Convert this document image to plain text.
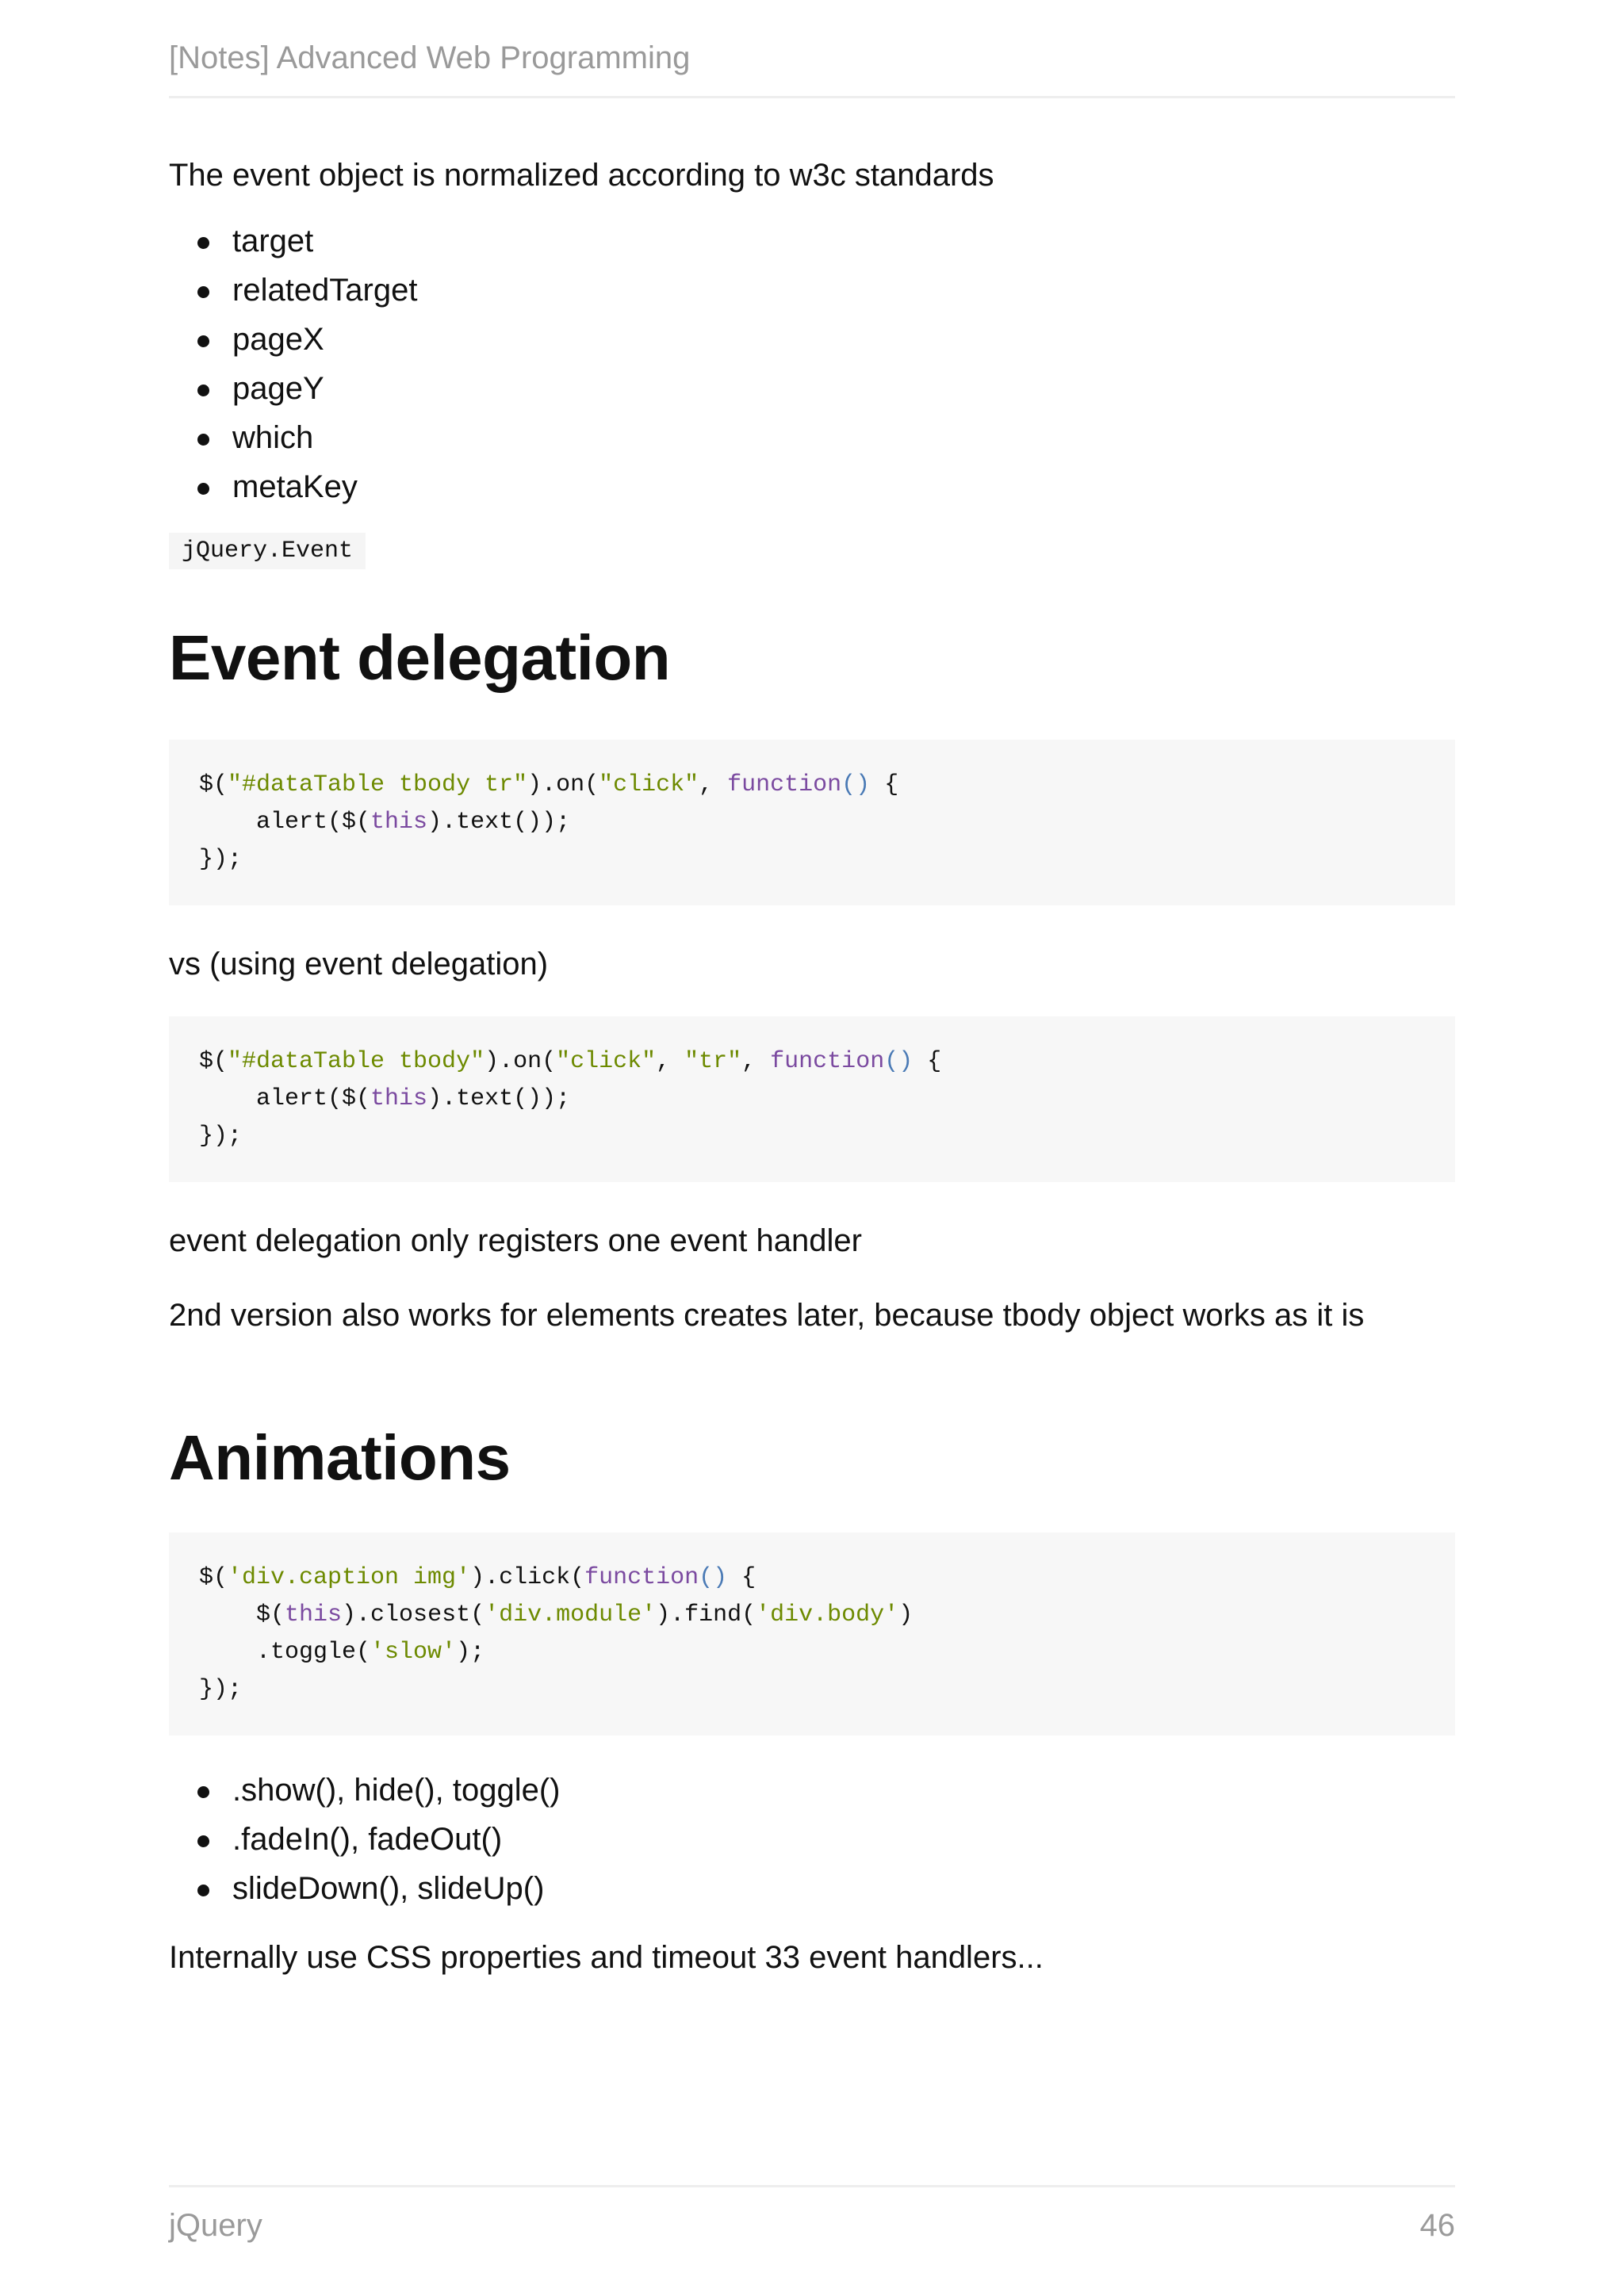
[Notes] Advanced Web Programming

The event object is normalized according to w3c standards

target
relatedTarget
pageX
pageY
which
metaKey
jQuery.Event
Event delegation
$("#dataTable tbody tr").on("click", function() {
alert($(this).text());
});

vs (using event delegation)

$("#dataTable tbody").on("click", "tr", function() {
alert($(this).text());
});

event delegation only registers one event handler

2nd version also works for elements creates later, because tbody object works as it is

Animations
$('div.caption img').click(function() {
$(this).closest('div.module').find('div.body')
.toggle('slow');
});
.show(), hide(), toggle()
.fadeIn(), fadeOut()
slideDown(), slideUp()

Internally use CSS properties and timeout 33 event handlers...

jQuery	46
